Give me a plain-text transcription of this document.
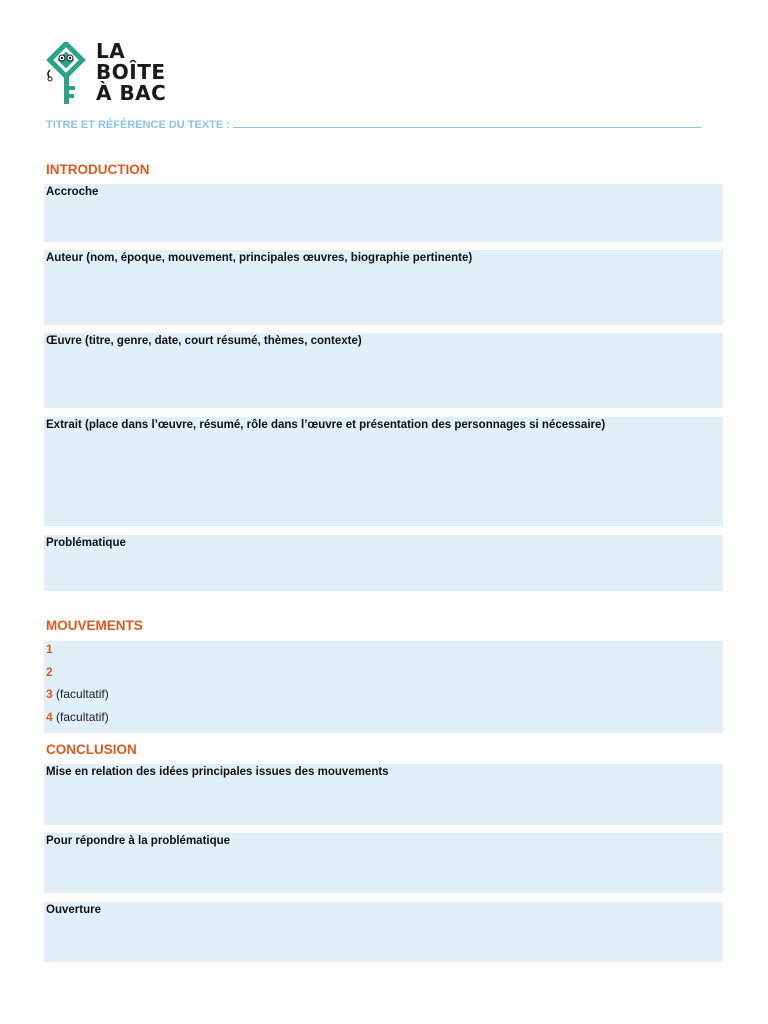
LA
BOÎTE
À BAC
TITRE ET RÉFÉRENCE DU TEXTE :
INTRODUCTION
Accroche
Auteur (nom, époque, mouvement, principales œuvres, biographie pertinente)
Œuvre (titre, genre, date, court résumé, thèmes, contexte)
Extrait (place dans l’œuvre, résumé, rôle dans l’œuvre et présentation des personnages si nécessaire)
Problématique
MOUVEMENTS
1
2
3 (facultatif)
4 (facultatif)
CONCLUSION
Mise en relation des idées principales issues des mouvements
Pour répondre à la problématique
Ouverture
